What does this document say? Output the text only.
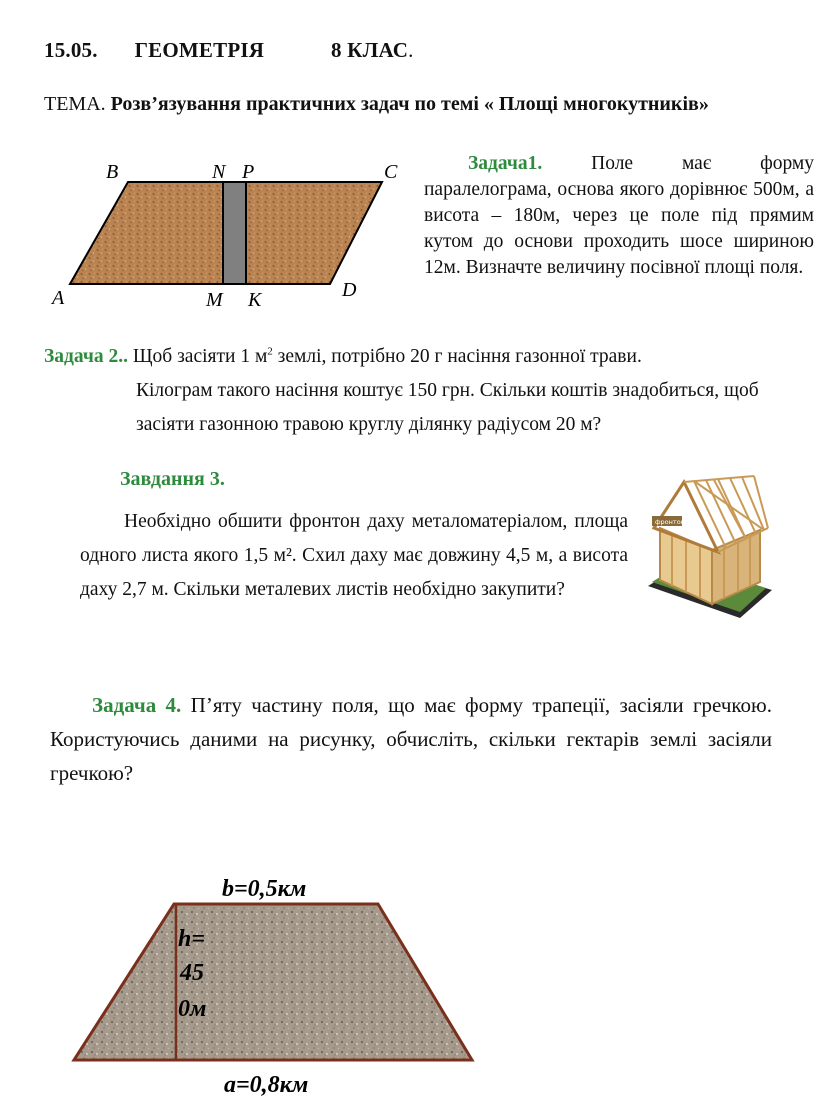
15.05. ГЕОМЕТРІЯ	8 КЛАС.
ТЕМА. Розв’язування практичних задач по темі « Площі многокутників»
B	N P	C
A	M K	D
Задача1.	Поле має форму паралелограма, основа якого дорівнює 500м, а висота – 180м, через це поле під прямим кутом до основи проходить шосе шириною 12м. Визначте величину посівної площі поля.
Задача 2.. Щоб засіяти 1 $м^2$ землі, потрібно 20 г насіння газонної трави.
Кілограм такого насіння коштує 150 грн. Скільки коштів знадобиться, щоб засіяти газонною травою круглу ділянку радіусом 20 м?
Завдання 3.
Необхідно обшити фронтон даху металоматеріалом, площа одного листа якого 1,5 м². Схил даху має довжину 4,5 м, а висота даху 2,7 м. Скільки металевих листів необхідно закупити?
фронтон
Задача 4. П’яту частину поля, що має форму трапеції, засіяли гречкою. Користуючись даними на рисунку, обчисліть, скільки гектарів землі засіяли гречкою?
b=0,5км
a=0,8км
h=
45
0м
